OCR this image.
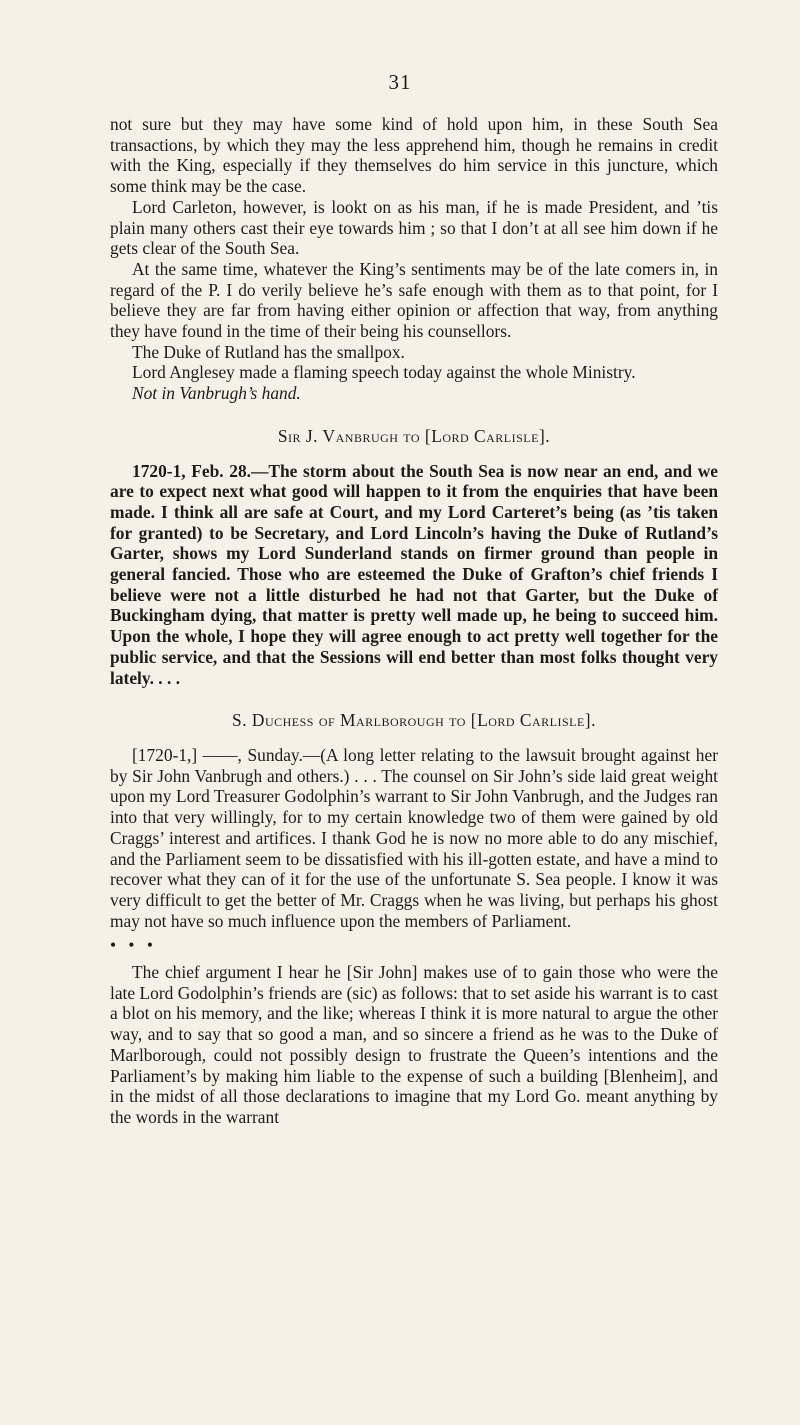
31

not sure but they may have some kind of hold upon him, in these South Sea transactions, by which they may the less apprehend him, though he remains in credit with the King, especially if they themselves do him service in this juncture, which some think may be the case.

Lord Carleton, however, is lookt on as his man, if he is made President, and ’tis plain many others cast their eye towards him ; so that I don’t at all see him down if he gets clear of the South Sea.

At the same time, whatever the King’s sentiments may be of the late comers in, in regard of the P. I do verily believe he’s safe enough with them as to that point, for I believe they are far from having either opinion or affection that way, from anything they have found in the time of their being his counsellors.

The Duke of Rutland has the smallpox.

Lord Anglesey made a flaming speech today against the whole Ministry.

Not in Vanbrugh’s hand.

Sir J. Vanbrugh to [Lord Carlisle].

1720-1, Feb. 28.—The storm about the South Sea is now near an end, and we are to expect next what good will happen to it from the enquiries that have been made. I think all are safe at Court, and my Lord Carteret’s being (as ’tis taken for granted) to be Secretary, and Lord Lincoln’s having the Duke of Rutland’s Garter, shows my Lord Sunderland stands on firmer ground than people in general fancied. Those who are esteemed the Duke of Grafton’s chief friends I believe were not a little disturbed he had not that Garter, but the Duke of Buckingham dying, that matter is pretty well made up, he being to succeed him. Upon the whole, I hope they will agree enough to act pretty well together for the public service, and that the Sessions will end better than most folks thought very lately. . . .

S. Duchess of Marlborough to [Lord Carlisle].

[1720-1,] ——, Sunday.—(A long letter relating to the lawsuit brought against her by Sir John Vanbrugh and others.) . . . The counsel on Sir John’s side laid great weight upon my Lord Treasurer Godolphin’s warrant to Sir John Vanbrugh, and the Judges ran into that very willingly, for to my certain knowledge two of them were gained by old Craggs’ interest and artifices. I thank God he is now no more able to do any mischief, and the Parliament seem to be dissatisfied with his ill-gotten estate, and have a mind to recover what they can of it for the use of the unfortunate S. Sea people. I know it was very difficult to get the better of Mr. Craggs when he was living, but perhaps his ghost may not have so much influence upon the members of Parliament.

• • •

The chief argument I hear he [Sir John] makes use of to gain those who were the late Lord Godolphin’s friends are (sic) as follows: that to set aside his warrant is to cast a blot on his memory, and the like; whereas I think it is more natural to argue the other way, and to say that so good a man, and so sincere a friend as he was to the Duke of Marlborough, could not possibly design to frustrate the Queen’s intentions and the Parliament’s by making him liable to the expense of such a building [Blenheim], and in the midst of all those declarations to imagine that my Lord Go. meant anything by the words in the warrant
